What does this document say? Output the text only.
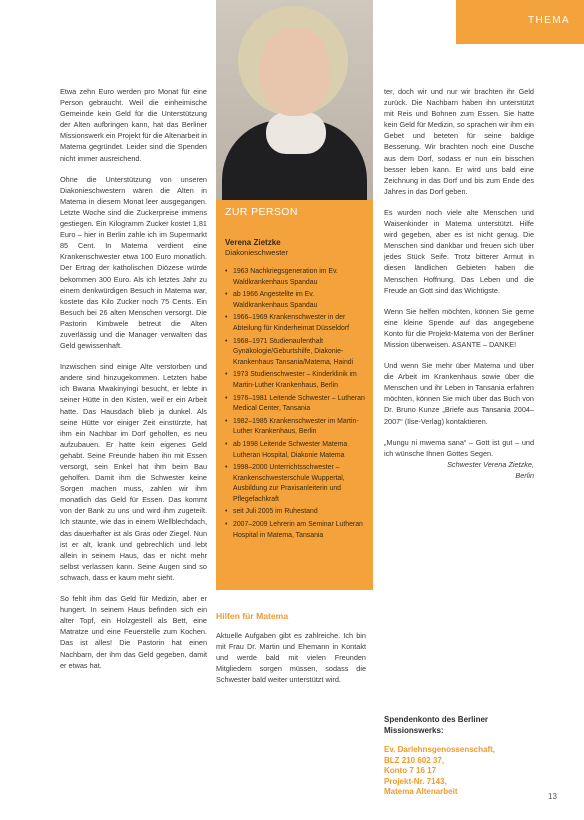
THEMA

Etwa zehn Euro werden pro Monat für eine Person gebraucht. Weil die einheimische Gemeinde kein Geld für die Unterstützung der Alten aufbringen kann, hat das Berliner Missionswerk ein Projekt für die Altenarbeit in Matema gegründet. Leider sind die Spenden nicht immer ausreichend.

Ohne die Unterstützung von unseren Diakonieschwestern wären die Alten in Matema in diesem Monat leer ausgegangen. Letzte Woche sind die Zuckerpreise immens gestiegen. Ein Kilogramm Zucker kostet 1,81 Euro – hier in Berlin zahle ich im Supermarkt 85 Cent. In Matema verdient eine Krankenschwester etwa 100 Euro monatlich. Der Ertrag der katholischen Diözese würde bekommen 300 Euro. Als ich letztes Jahr zu einem denkwürdigen Besuch in Matema war, kostete das Kilo Zucker noch 75 Cents. Ein Besuch bei 26 alten Menschen versorgt. Die Pastorin Kimbwele betreut die Alten zuverlässig und die Manager verwalten das Geld gewissenhaft.

Inzwischen sind einige Alte verstorben und andere sind hinzugekommen. Letzten habe ich Bwana Mwakinyingi besucht, er lebte in seiner Hütte in den Kisten, weil er ein Arbeit hatte. Das Hausdach blieb ja dunkel. Als seine Hütte vor einiger Zeit einstürzte, hat ihm ein Nachbar im Dorf geholfen, es neu aufzubauen. Er hatte kein eigenes Geld gehabt. Seine Freunde haben ihn mit Essen versorgt, sein Enkel hat ihm beim Bau geholfen. Damit ihm die Schwester keine Sorgen machen muss, zahlen wir ihm monatlich das Geld für Essen. Das kommt von der Bank zu uns und wird ihm zugeteilt. Ich staunte, wie das in einem Wellblechdach, das dauerhafter ist als Gras oder Ziegel. Nun ist er alt, krank und gebrechlich und lebt allein in seinem Haus, das er nicht mehr selbst verlassen kann. Seine Augen sind so schwach, dass er kaum mehr sieht.

So fehlt ihm das Geld für Medizin, aber er hungert. In seinem Haus befinden sich ein alter Topf, ein Holzgestell als Bett, eine Matratze und eine Feuerstelle zum Kochen. Das ist alles! Die Pastorin hat einen Nachbarn, der ihm das Geld gegeben, damit er etwas hat.

ZUR PERSON
Verena Zietzke
Diakonieschwester
• 1963 Nachkriegsgeneration im Ev. Waldkrankenhaus Spandau
• ab 1966 Angestellte im Ev. Waldkrankenhaus Spandau
• 1966–1969 Krankenschwester in der Abteilung für Kinderheimat Düsseldorf
• 1968–1971 Studienaufenthalt Gynäkologie/Geburtshilfe, Diakonie-Krankenhaus Tansania/Matema, Haindi
• 1973 Studienschwester – Kinderklinik im Martin-Luther Krankenhaus, Berlin
• 1976–1981 Leitende Schwester – Lutheran Medical Center, Tansania
• 1982–1985 Krankenschwester im Martin-Luther Krankenhaus, Berlin
• ab 1998 Leitende Schwester Matema Lutheran Hospital, Diakonie Matema
• 1998–2000 Unterrichtsschwester – Krankenschwesterschule Wuppertal, Ausbildung zur Praxisanleiterin und Pflegefachkraft
• seit Juli 2005 im Ruhestand
• 2007–2009 Lehrerin am Seminar Lutheran Hospital in Matema, Tansania
Hilfen für Matema

Aktuelle Aufgaben gibt es zahlreiche. Ich bin mit Frau Dr. Martin und Ehemann in Kontakt und werde bald mit vielen Freunden Mitgliedern sorgen müssen, sodass die Schwester bald weiter unterstützt wird.

ter, doch wir und nur wir brachten ihr Geld zurück. Die Nachbarn haben ihn unterstützt mit Reis und Bohnen zum Essen. Sie hatte kein Geld für Medizin, so sprachen wir ihm ein Gebet und beteten für seine baldige Besserung. Wir brachten noch eine Dusche aus dem Dorf, sodass er nun ein bisschen besser leben kann. Er wird uns bald eine Zeichnung in das Dorf und bis zum Ende des Jahres in das Dorf geben.

Es wurden noch viele alte Menschen und Waisenkinder in Matema unterstützt. Hilfe wird gegeben, aber es ist nicht genug. Die Menschen sind dankbar und freuen sich über jedes Stück Seife. Trotz bitterer Armut in diesen ländlichen Gebieten haben die Menschen Hoffnung. Das Leben und die Freude an Gott sind das Wichtigste.

Wenn Sie helfen möchten, können Sie gerne eine kleine Spende auf das angegebene Konto für die Projekt-Matema von der Berliner Mission überweisen. ASANTE – DANKE!

Und wenn Sie mehr über Matema und über die Arbeit im Krankenhaus sowie über die Menschen und ihr Leben in Tansania erfahren möchten, können Sie mich über das Buch von Dr. Bruno Kunze „Briefe aus Tansania 2004–2007“ (Ilse-Verlag) kontaktieren.

„Mungu ni mwema sana“ – Gott ist gut – und ich wünsche Ihnen Gottes Segen.

Schwester Verena Zietzke,
Berlin
Spendenkonto des Berliner Missionswerks:
Ev. Darlehnsgenossenschaft,
BLZ 210 602 37,
Konto 7 16 17
Projekt-Nr. 7143,
Matema Altenarbeit
13
